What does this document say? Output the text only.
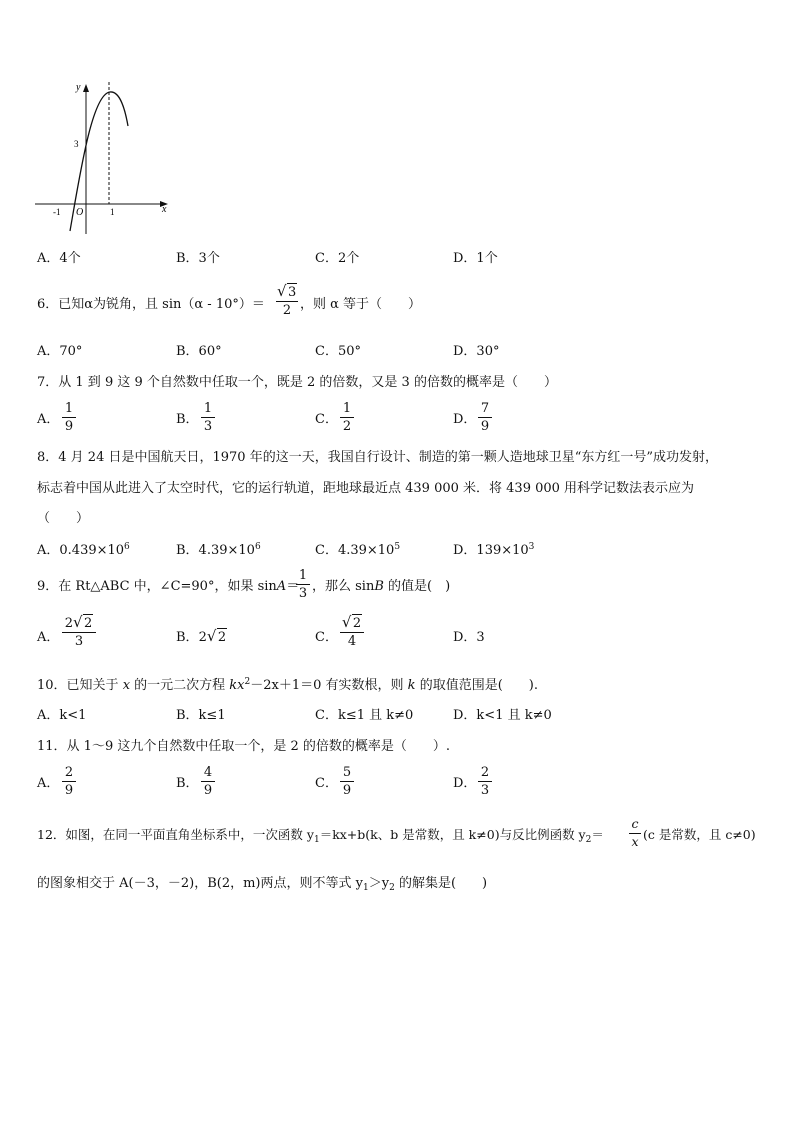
y
x
O
-1	1
3
A．4个	B．3个	C．2个	D．1个
6．已知α为锐角，且 sin（α - 10°）＝
√ 3
2 ，则 α 等于（　　）
A．70°	B．60°	C．50°	D．30°
7．从 1 到 9 这 9 个自然数中任取一个，既是 2 的倍数，又是 3 的倍数的概率是（　　）
A．
1
9	B．
1
3	C．
1
2	D．
7
9
8．4 月 24 日是中国航天日，1970 年的这一天，我国自行设计、制造的第一颗人造地球卫星“东方红一号”成功发射，
标志着中国从此进入了太空时代，它的运行轨道，距地球最近点 439 000 米．将 439 000 用科学记数法表示应为
（　　）
A．$0.439\times 10^6$	B．$4.39\times 10^6$	C．$4.39\times 10^5$	D．$139\times 10^3$
9．在 Rt△ABC 中，∠C=90°，如果 sinA＝
1
3 ，那么 sinB 的值是(　)
A．
2 √ 2
3	B．2 √ 2	C．
√ 2
4	D．3
10．已知关于 x 的一元二次方程 $kx^2-2x+1=0$ 有实数根，则 k 的取值范围是(　　).
A．k<1	B．k≤1	C．k≤1 且 k≠0	D．k<1 且 k≠0
11．从 1～9 这九个自然数中任取一个，是 2 的倍数的概率是（　　）.
A．
2
9	B．
4
9	C．
5
9	D．
2
3
12．如图，在同一平面直角坐标系中，一次函数 $y_1=kx+b(k$、b 是常数，且 k≠0)与反比例函数 $y_2=$
c
x (c 是常数，且 c≠0)
的图象相交于 A(－3，－2)，B(2，m)两点，则不等式 $y_1>y_2$ 的解集是(　　)
